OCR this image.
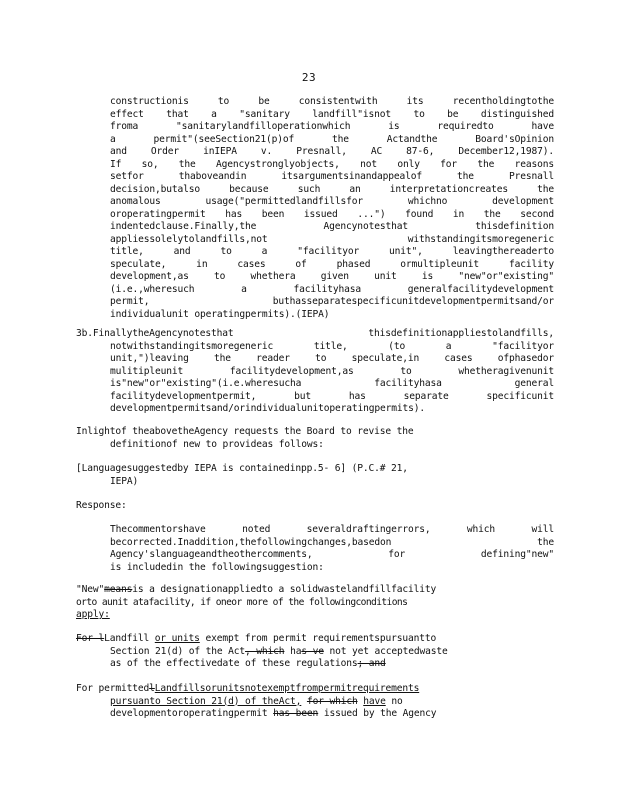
23
constructionis to be consistentwith its recentholdingtothe
effect that a "sanitary landfill"isnot to be distinguished
froma "sanitarylandfilloperationwhich is requiredto have
a permit"(seeSection21(p)of the Actandthe Board'sOpinion
and Order inIEPA v. Presnall, AC 87-6, December12,1987).
If so, the Agencystronglyobjects, not only for the reasons
setfor thaboveandin itsargumentsinandappealof the Presnall
decision,butalso because such an interpretationcreates the
anomalous usage("permittedlandfillsfor whichno development
oroperatingpermit has been issued ...") found in the second
indentedclause.Finally,the Agencynotesthat thisdefinition
appliessolelytolandfills,not withstandingitsmoregeneric
title, and to a "facilityor unit", leavingthereaderto
speculate, in cases of phased ormultipleunit facility
development,as to whethera given unit is "new"or"existing"
(i.e.,wheresuch a facilityhasa generalfacilitydevelopment
permit, buthasseparatespecificunitdevelopmentpermitsand/or
individualunit operatingpermits).(IEPA)
3b.FinallytheAgencynotesthat thisdefinitionappliestolandfills,
notwithstandingitsmoregeneric title, (to a "facilityor
unit,")leaving the reader to speculate,in cases ofphasedor
mulitipleunit facilitydevelopment,as to whetheragivenunit
is"new"or"existing"(i.e.wheresucha facilityhasa general
facilitydevelopmentpermit, but has separate specificunit
developmentpermitsand/orindividualunitoperatingpermits).
Inlightof theabovetheAgency requests the Board to revise the
definitionof new to provideas follows:
[Languagesuggestedby IEPA is containedinpp.5- 6] (P.C.# 21,
IEPA)
Response:
Thecommentorshave noted severaldraftingerrors, which will
becorrected.Inaddition,thefollowingchanges,basedon the
Agency'slanguageandtheothercomments, for defining"new"
is includedin the followingsuggestion:
"New"meansis a designationappliedto a solidwastelandfillfacility
orto aunit atafacility, if oneor more of the followingconditions
apply:
For lLandfill or units exempt from permit requirementspursuantto
Section 21(d) of the Act, which has ve not yet acceptedwaste
as of the effectivedate of these regulations; and
For permittedlLandfillsorunitsnotexemptfrompermitrequirements
pursuanto Section 21(d) of theAct, for which have no
developmentoroperatingpermit has been issued by the Agency
